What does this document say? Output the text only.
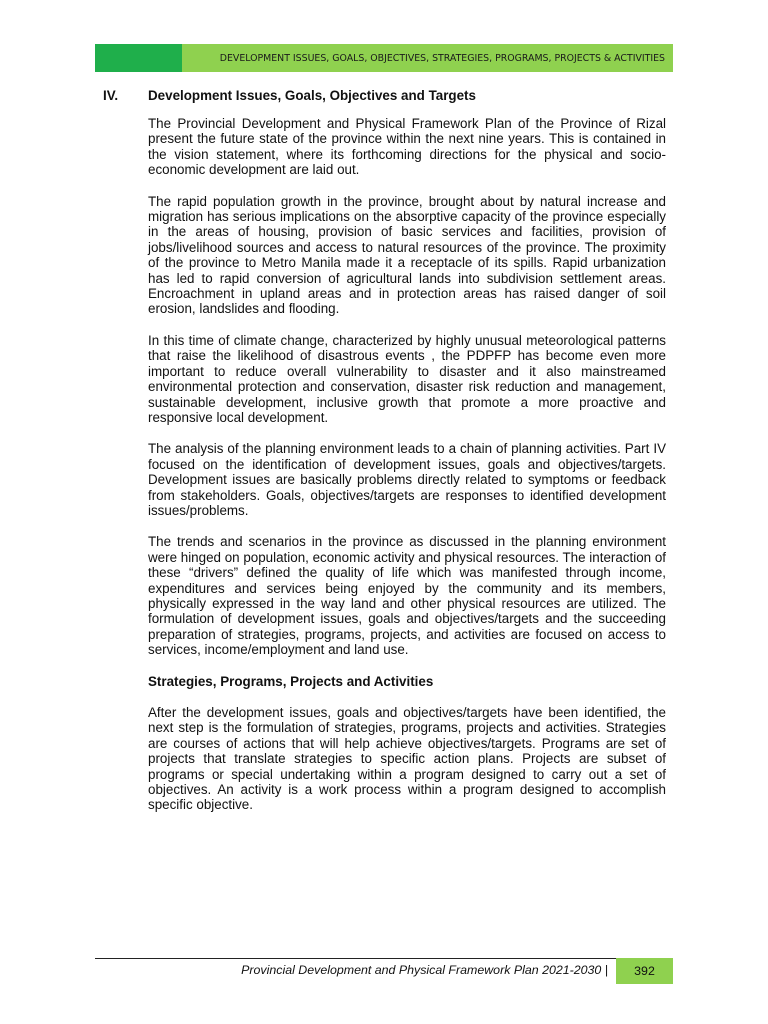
DEVELOPMENT ISSUES, GOALS, OBJECTIVES, STRATEGIES, PROGRAMS, PROJECTS & ACTIVITIES
IV.	Development Issues, Goals, Objectives and Targets

The Provincial Development and Physical Framework Plan of the Province of Rizal present the future state of the province within the next nine years. This is contained in the vision statement, where its forthcoming directions for the physical and socio-economic development are laid out.

The rapid population growth in the province, brought about by natural increase and migration has serious implications on the absorptive capacity of the province especially in the areas of housing, provision of basic services and facilities, provision of jobs/livelihood sources and access to natural resources of the province. The proximity of the province to Metro Manila made it a receptacle of its spills. Rapid urbanization has led to rapid conversion of agricultural lands into subdivision settlement areas. Encroachment in upland areas and in protection areas has raised danger of soil erosion, landslides and flooding.

In this time of climate change, characterized by highly unusual meteorological patterns that raise the likelihood of disastrous events , the PDPFP has become even more important to reduce overall vulnerability to disaster and it also mainstreamed environmental protection and conservation, disaster risk reduction and management, sustainable development, inclusive growth that promote a more proactive and responsive local development.

The analysis of the planning environment leads to a chain of planning activities. Part IV focused on the identification of development issues, goals and objectives/targets. Development issues are basically problems directly related to symptoms or feedback from stakeholders. Goals, objectives/targets are responses to identified development issues/problems.

The trends and scenarios in the province as discussed in the planning environment were hinged on population, economic activity and physical resources. The interaction of these “drivers” defined the quality of life which was manifested through income, expenditures and services being enjoyed by the community and its members, physically expressed in the way land and other physical resources are utilized. The formulation of development issues, goals and objectives/targets and the succeeding preparation of strategies, programs, projects, and activities are focused on access to services, income/employment and land use.

Strategies, Programs, Projects and Activities

After the development issues, goals and objectives/targets have been identified, the next step is the formulation of strategies, programs, projects and activities. Strategies are courses of actions that will help achieve objectives/targets. Programs are set of projects that translate strategies to specific action plans. Projects are subset of programs or special undertaking within a program designed to carry out a set of objectives. An activity is a work process within a program designed to accomplish specific objective.

Provincial Development and Physical Framework Plan 2021-2030 |	392
